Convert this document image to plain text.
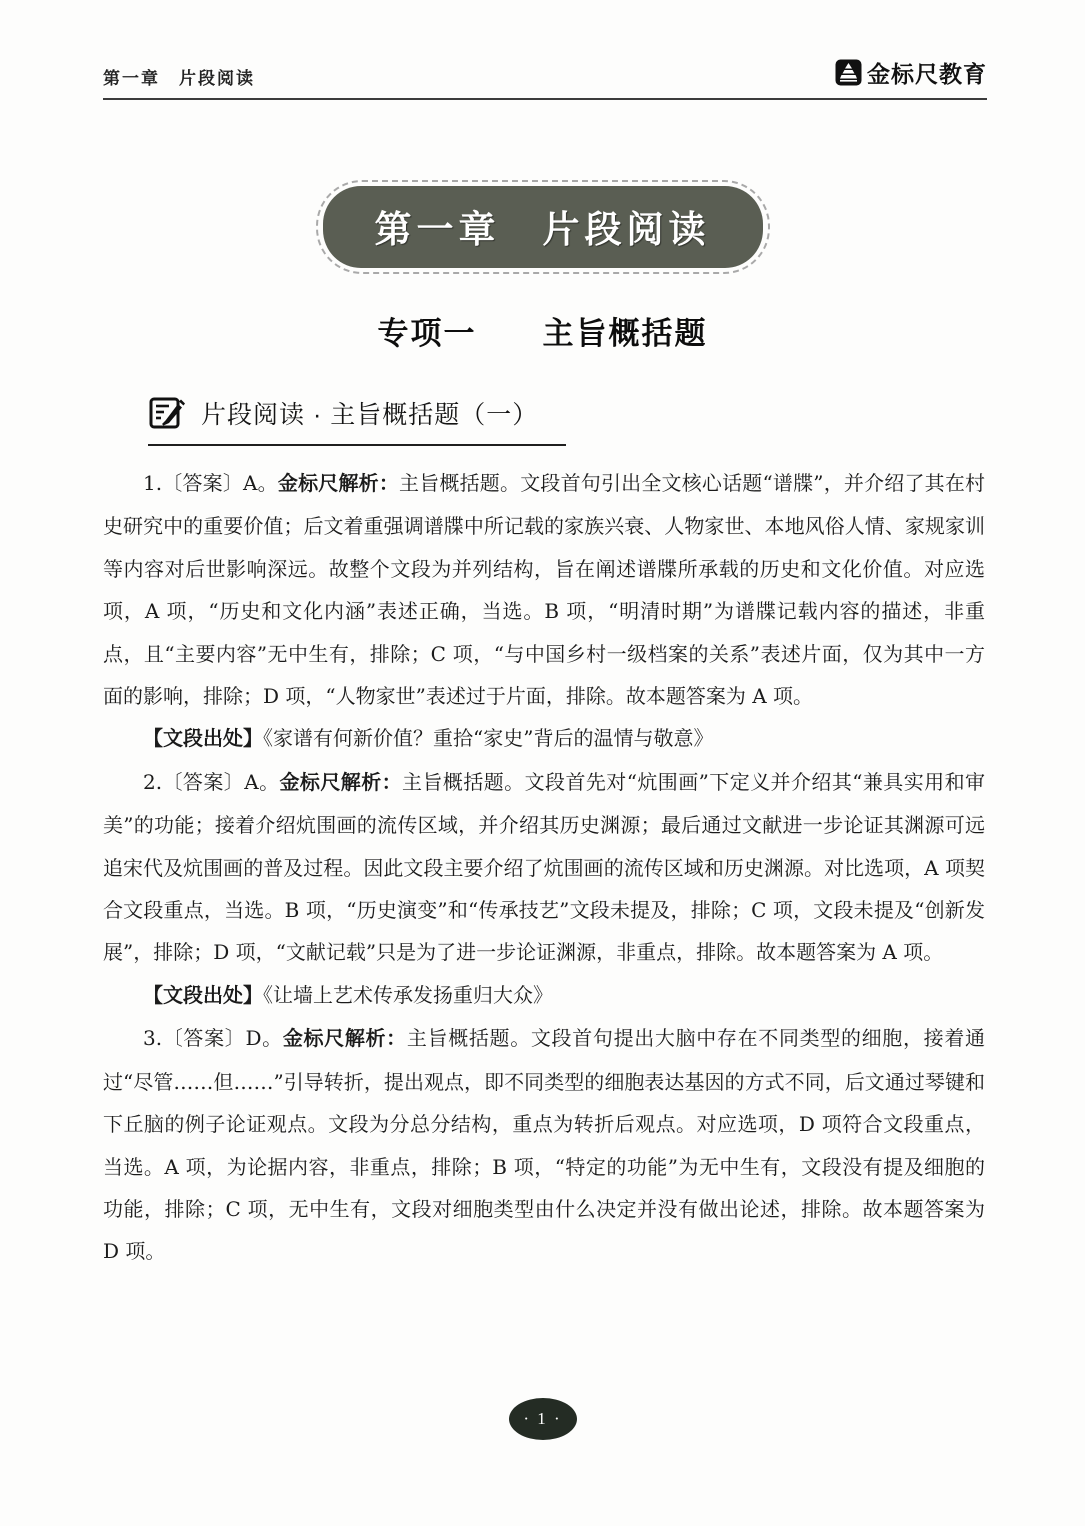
第一章　片段阅读	金标尺教育
第一章　片段阅读
专项一　　主旨概括题
片段阅读 · 主旨概括题（一）

1.〔答案〕A。金标尺解析：主旨概括题。文段首句引出全文核心话题“谱牒”，并介绍了其在村史研究中的重要价值；后文着重强调谱牒中所记载的家族兴衰、人物家世、本地风俗人情、家规家训等内容对后世影响深远。故整个文段为并列结构，旨在阐述谱牒所承载的历史和文化价值。对应选项，A 项，“历史和文化内涵”表述正确，当选。B 项，“明清时期”为谱牒记载内容的描述，非重点，且“主要内容”无中生有，排除；C 项，“与中国乡村一级档案的关系”表述片面，仅为其中一方面的影响，排除；D 项，“人物家世”表述过于片面，排除。故本题答案为 A 项。

【文段出处】《家谱有何新价值？重拾“家史”背后的温情与敬意》

2.〔答案〕A。金标尺解析：主旨概括题。文段首先对“炕围画”下定义并介绍其“兼具实用和审美”的功能；接着介绍炕围画的流传区域，并介绍其历史渊源；最后通过文献进一步论证其渊源可远追宋代及炕围画的普及过程。因此文段主要介绍了炕围画的流传区域和历史渊源。对比选项，A 项契合文段重点，当选。B 项，“历史演变”和“传承技艺”文段未提及，排除；C 项，文段未提及“创新发展”，排除；D 项，“文献记载”只是为了进一步论证渊源，非重点，排除。故本题答案为 A 项。

【文段出处】《让墙上艺术传承发扬重归大众》

3.〔答案〕D。金标尺解析：主旨概括题。文段首句提出大脑中存在不同类型的细胞，接着通过“尽管……但……”引导转折，提出观点，即不同类型的细胞表达基因的方式不同，后文通过琴键和下丘脑的例子论证观点。文段为分总分结构，重点为转折后观点。对应选项，D 项符合文段重点，当选。A 项，为论据内容，非重点，排除；B 项，“特定的功能”为无中生有，文段没有提及细胞的功能，排除；C 项，无中生有，文段对细胞类型由什么决定并没有做出论述，排除。故本题答案为 D 项。

· 1 ·
